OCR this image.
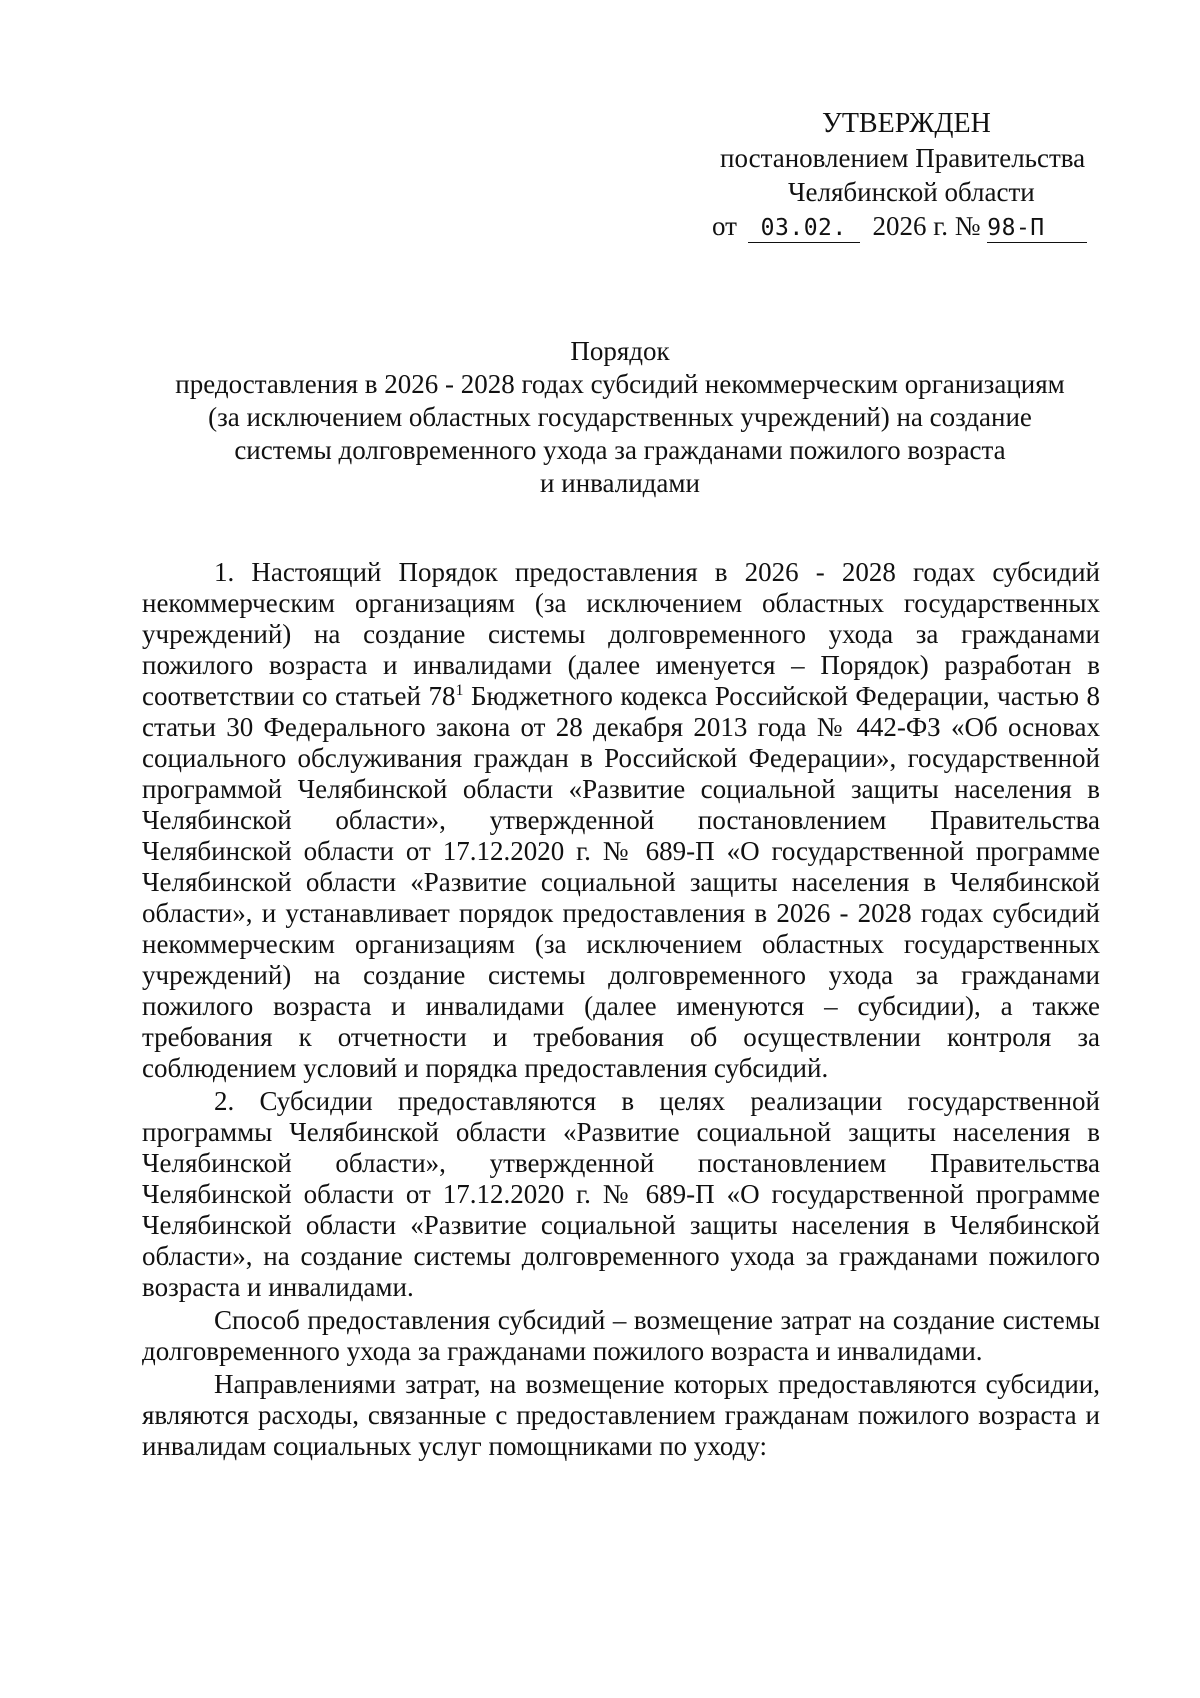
УТВЕРЖДЕН
постановлением Правительства
Челябинской области
от 03.02. 2026 г. № 98-П
Порядок
предоставления в 2026 - 2028 годах субсидий некоммерческим организациям
(за исключением областных государственных учреждений) на создание
системы долговременного ухода за гражданами пожилого возраста
и инвалидами

1. Настоящий Порядок предоставления в 2026 - 2028 годах субсидий некоммерческим организациям (за исключением областных государственных учреждений) на создание системы долговременного ухода за гражданами пожилого возраста и инвалидами (далее именуется – Порядок) разработан в соответствии со статьей $78^1$ Бюджетного кодекса Российской Федерации, частью 8 статьи 30 Федерального закона от 28 декабря 2013 года № 442-ФЗ «Об основах социального обслуживания граждан в Российской Федерации», государственной программой Челябинской области «Развитие социальной защиты населения в Челябинской области», утвержденной постановлением Правительства Челябинской области от 17.12.2020 г. № 689-П «О государственной программе Челябинской области «Развитие социальной защиты населения в Челябинской области», и устанавливает порядок предоставления в 2026 - 2028 годах субсидий некоммерческим организациям (за исключением областных государственных учреждений) на создание системы долговременного ухода за гражданами пожилого возраста и инвалидами (далее именуются – субсидии), а также требования к отчетности и требования об осуществлении контроля за соблюдением условий и порядка предоставления субсидий.

2. Субсидии предоставляются в целях реализации государственной программы Челябинской области «Развитие социальной защиты населения в Челябинской области», утвержденной постановлением Правительства Челябинской области от 17.12.2020 г. № 689-П «О государственной программе Челябинской области «Развитие социальной защиты населения в Челябинской области», на создание системы долговременного ухода за гражданами пожилого возраста и инвалидами.

Способ предоставления субсидий – возмещение затрат на создание системы долговременного ухода за гражданами пожилого возраста и инвалидами.

Направлениями затрат, на возмещение которых предоставляются субсидии, являются расходы, связанные с предоставлением гражданам пожилого возраста и инвалидам социальных услуг помощниками по уходу:
